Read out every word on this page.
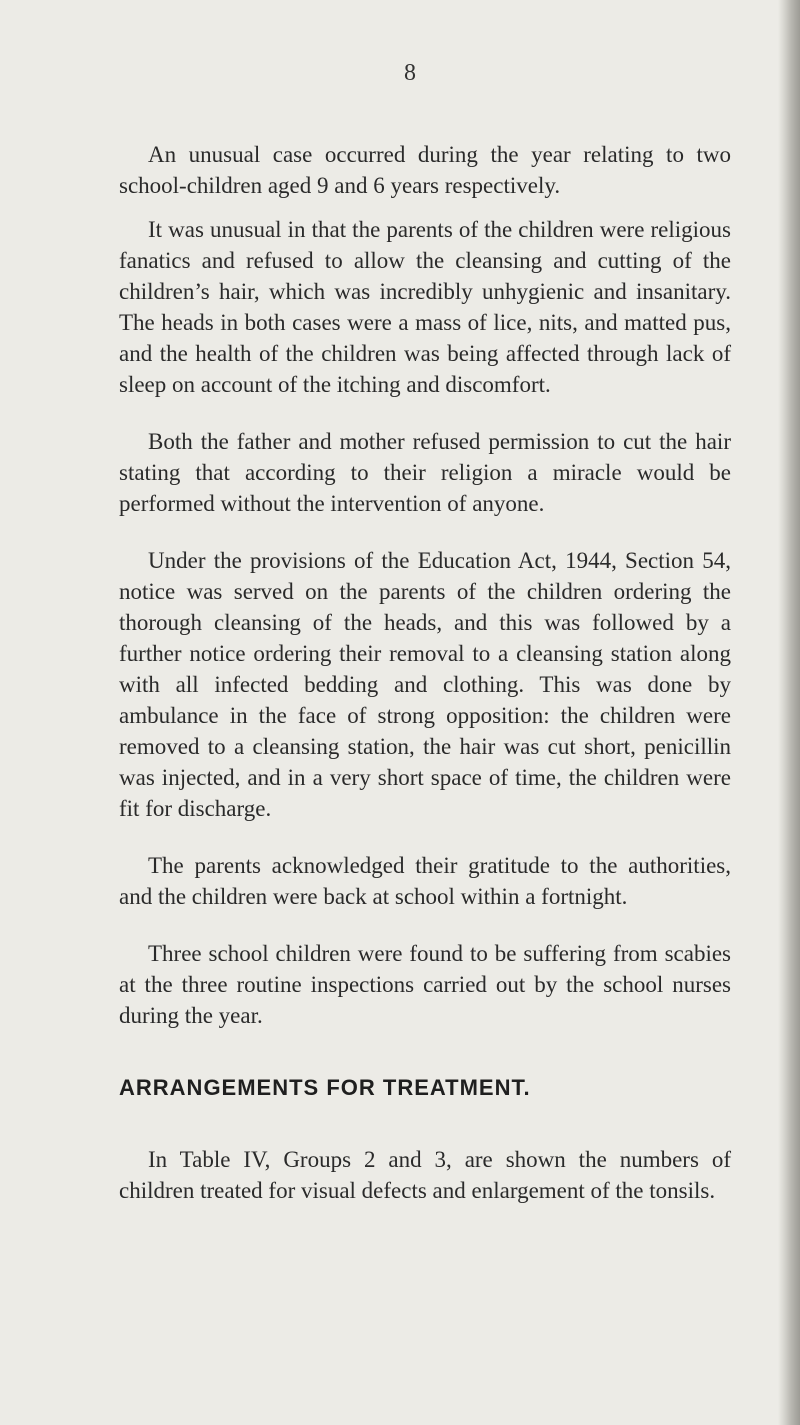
8

An unusual case occurred during the year relating to two school-children aged 9 and 6 years respectively.

It was unusual in that the parents of the children were religious fanatics and refused to allow the cleansing and cutting of the children’s hair, which was incredibly unhygienic and insanitary. The heads in both cases were a mass of lice, nits, and matted pus, and the health of the children was being affected through lack of sleep on account of the itching and discomfort.

Both the father and mother refused permission to cut the hair stating that according to their religion a miracle would be performed without the intervention of anyone.

Under the provisions of the Education Act, 1944, Section 54, notice was served on the parents of the children ordering the thorough cleansing of the heads, and this was followed by a further notice ordering their removal to a cleansing station along with all infected bedding and clothing. This was done by ambulance in the face of strong opposition: the children were removed to a cleansing station, the hair was cut short, penicillin was injected, and in a very short space of time, the children were fit for discharge.

The parents acknowledged their gratitude to the authorities, and the children were back at school within a fortnight.

Three school children were found to be suffering from scabies at the three routine inspections carried out by the school nurses during the year.

ARRANGEMENTS FOR TREATMENT.

In Table IV, Groups 2 and 3, are shown the numbers of children treated for visual defects and enlargement of the tonsils.
